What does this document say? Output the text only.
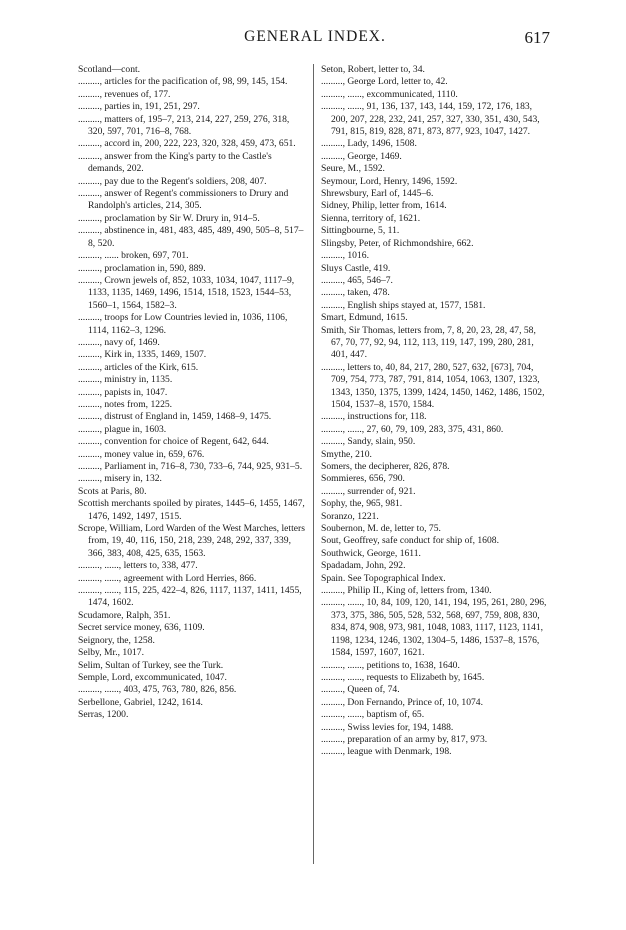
GENERAL INDEX.	617

Scotland—cont.

........., articles for the pacification of, 98, 99, 145, 154.

........., revenues of, 177.

........., parties in, 191, 251, 297.

........., matters of, 195–7, 213, 214, 227, 259, 276, 318, 320, 597, 701, 716–8, 768.

........., accord in, 200, 222, 223, 320, 328, 459, 473, 651.

........., answer from the King's party to the Castle's demands, 202.

........., pay due to the Regent's soldiers, 208, 407.

........., answer of Regent's commissioners to Drury and Randolph's articles, 214, 305.

........., proclamation by Sir W. Drury in, 914–5.

........., abstinence in, 481, 483, 485, 489, 490, 505–8, 517–8, 520.

........., ...... broken, 697, 701.

........., proclamation in, 590, 889.

........., Crown jewels of, 852, 1033, 1034, 1047, 1117–9, 1133, 1135, 1469, 1496, 1514, 1518, 1523, 1544–53, 1560–1, 1564, 1582–3.

........., troops for Low Countries levied in, 1036, 1106, 1114, 1162–3, 1296.

........., navy of, 1469.

........., Kirk in, 1335, 1469, 1507.

........., articles of the Kirk, 615.

........., ministry in, 1135.

........., papists in, 1047.

........., notes from, 1225.

........., distrust of England in, 1459, 1468–9, 1475.

........., plague in, 1603.

........., convention for choice of Regent, 642, 644.

........., money value in, 659, 676.

........., Parliament in, 716–8, 730, 733–6, 744, 925, 931–5.

........., misery in, 132.

Scots at Paris, 80.

Scottish merchants spoiled by pirates, 1445–6, 1455, 1467, 1476, 1492, 1497, 1515.

Scrope, William, Lord Warden of the West Marches, letters from, 19, 40, 116, 150, 218, 239, 248, 292, 337, 339, 366, 383, 408, 425, 635, 1563.

........., ......, letters to, 338, 477.

........., ......, agreement with Lord Herries, 866.

........., ......, 115, 225, 422–4, 826, 1117, 1137, 1411, 1455, 1474, 1602.

Scudamore, Ralph, 351.

Secret service money, 636, 1109.

Seignory, the, 1258.

Selby, Mr., 1017.

Selim, Sultan of Turkey, see the Turk.

Semple, Lord, excommunicated, 1047.

........., ......, 403, 475, 763, 780, 826, 856.

Serbellone, Gabriel, 1242, 1614.

Serras, 1200.

Seton, Robert, letter to, 34.

........., George Lord, letter to, 42.

........., ......, excommunicated, 1110.

........., ......, 91, 136, 137, 143, 144, 159, 172, 176, 183, 200, 207, 228, 232, 241, 257, 327, 330, 351, 430, 543, 791, 815, 819, 828, 871, 873, 877, 923, 1047, 1427.

........., Lady, 1496, 1508.

........., George, 1469.

Seure, M., 1592.

Seymour, Lord, Henry, 1496, 1592.

Shrewsbury, Earl of, 1445–6.

Sidney, Philip, letter from, 1614.

Sienna, territory of, 1621.

Sittingbourne, 5, 11.

Slingsby, Peter, of Richmondshire, 662.

........., 1016.

Sluys Castle, 419.

........., 465, 546–7.

........., taken, 478.

........., English ships stayed at, 1577, 1581.

Smart, Edmund, 1615.

Smith, Sir Thomas, letters from, 7, 8, 20, 23, 28, 47, 58, 67, 70, 77, 92, 94, 112, 113, 119, 147, 199, 280, 281, 401, 447.

........., letters to, 40, 84, 217, 280, 527, 632, [673], 704, 709, 754, 773, 787, 791, 814, 1054, 1063, 1307, 1323, 1343, 1350, 1375, 1399, 1424, 1450, 1462, 1486, 1502, 1504, 1537–8, 1570, 1584.

........., instructions for, 118.

........., ......, 27, 60, 79, 109, 283, 375, 431, 860.

........., Sandy, slain, 950.

Smythe, 210.

Somers, the decipherer, 826, 878.

Sommieres, 656, 790.

........., surrender of, 921.

Sophy, the, 965, 981.

Soranzo, 1221.

Soubernon, M. de, letter to, 75.

Sout, Geoffrey, safe conduct for ship of, 1608.

Southwick, George, 1611.

Spadadam, John, 292.

Spain. See Topographical Index.

........., Philip II., King of, letters from, 1340.

........., ......, 10, 84, 109, 120, 141, 194, 195, 261, 280, 296, 373, 375, 386, 505, 528, 532, 568, 697, 759, 808, 830, 834, 874, 908, 973, 981, 1048, 1083, 1117, 1123, 1141, 1198, 1234, 1246, 1302, 1304–5, 1486, 1537–8, 1576, 1584, 1597, 1607, 1621.

........., ......, petitions to, 1638, 1640.

........., ......, requests to Elizabeth by, 1645.

........., Queen of, 74.

........., Don Fernando, Prince of, 10, 1074.

........., ......, baptism of, 65.

........., Swiss levies for, 194, 1488.

........., preparation of an army by, 817, 973.

........., league with Denmark, 198.
